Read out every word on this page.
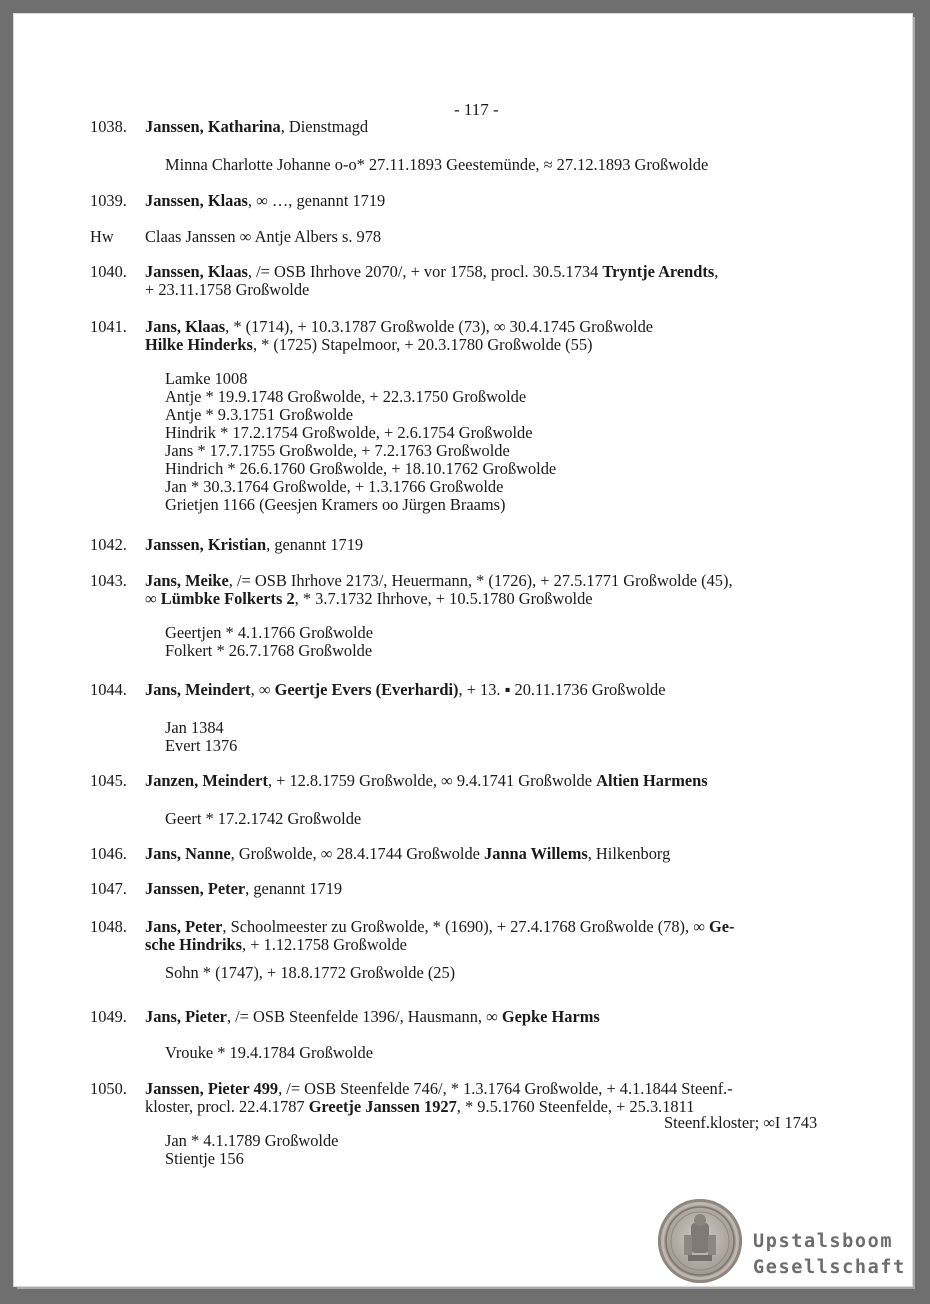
- 117 -
1038. Janssen, Katharina, Dienstmagd

Minna Charlotte Johanne o-o* 27.11.1893 Geestemünde, ≈ 27.12.1893 Großwolde
1039. Janssen, Klaas, ∞ …, genannt 1719

Hw Claas Janssen ∞ Antje Albers s. 978

1040. Janssen, Klaas, /= OSB Ihrhove 2070/, + vor 1758, procl. 30.5.1734 Tryntje Arendts,

+ 23.11.1758 Großwolde

1041. Jans, Klaas, * (1714), + 10.3.1787 Großwolde (73), ∞ 30.4.1745 Großwolde

Hilke Hinderks, * (1725) Stapelmoor, + 20.3.1780 Großwolde (55)

Lamke 1008
Antje * 19.9.1748 Großwolde, + 22.3.1750 Großwolde
Antje * 9.3.1751 Großwolde
Hindrik * 17.2.1754 Großwolde, + 2.6.1754 Großwolde
Jans * 17.7.1755 Großwolde, + 7.2.1763 Großwolde
Hindrich * 26.6.1760 Großwolde, + 18.10.1762 Großwolde
Jan * 30.3.1764 Großwolde, + 1.3.1766 Großwolde
Grietjen 1166 (Geesjen Kramers oo Jürgen Braams)
1042. Janssen, Kristian, genannt 1719

1043. Jans, Meike, /= OSB Ihrhove 2173/, Heuermann, * (1726), + 27.5.1771 Großwolde (45),

∞ Lümbke Folkerts 2, * 3.7.1732 Ihrhove, + 10.5.1780 Großwolde

Geertjen * 4.1.1766 Großwolde
Folkert * 26.7.1768 Großwolde
1044. Jans, Meindert, ∞ Geertje Evers (Everhardi), + 13. ▪ 20.11.1736 Großwolde

Jan 1384
Evert 1376
1045. Janzen, Meindert, + 12.8.1759 Großwolde, ∞ 9.4.1741 Großwolde Altien Harmens

Geert * 17.2.1742 Großwolde
1046. Jans, Nanne, Großwolde, ∞ 28.4.1744 Großwolde Janna Willems, Hilkenborg

1047. Janssen, Peter, genannt 1719

1048. Jans, Peter, Schoolmeester zu Großwolde, * (1690), + 27.4.1768 Großwolde (78), ∞ Ge-

sche Hindriks, + 1.12.1758 Großwolde

Sohn * (1747), + 18.8.1772 Großwolde (25)
1049. Jans, Pieter, /= OSB Steenfelde 1396/, Hausmann, ∞ Gepke Harms

Vrouke * 19.4.1784 Großwolde
1050. Janssen, Pieter 499, /= OSB Steenfelde 746/, * 1.3.1764 Großwolde, + 4.1.1844 Steenf.-

kloster, procl. 22.4.1787 Greetje Janssen 1927, * 9.5.1760 Steenfelde, + 25.3.1811

Steenf.kloster; ∞I 1743
Jan * 4.1.1789 Großwolde
Stientje 156
Upstalsboom
Gesellschaft
